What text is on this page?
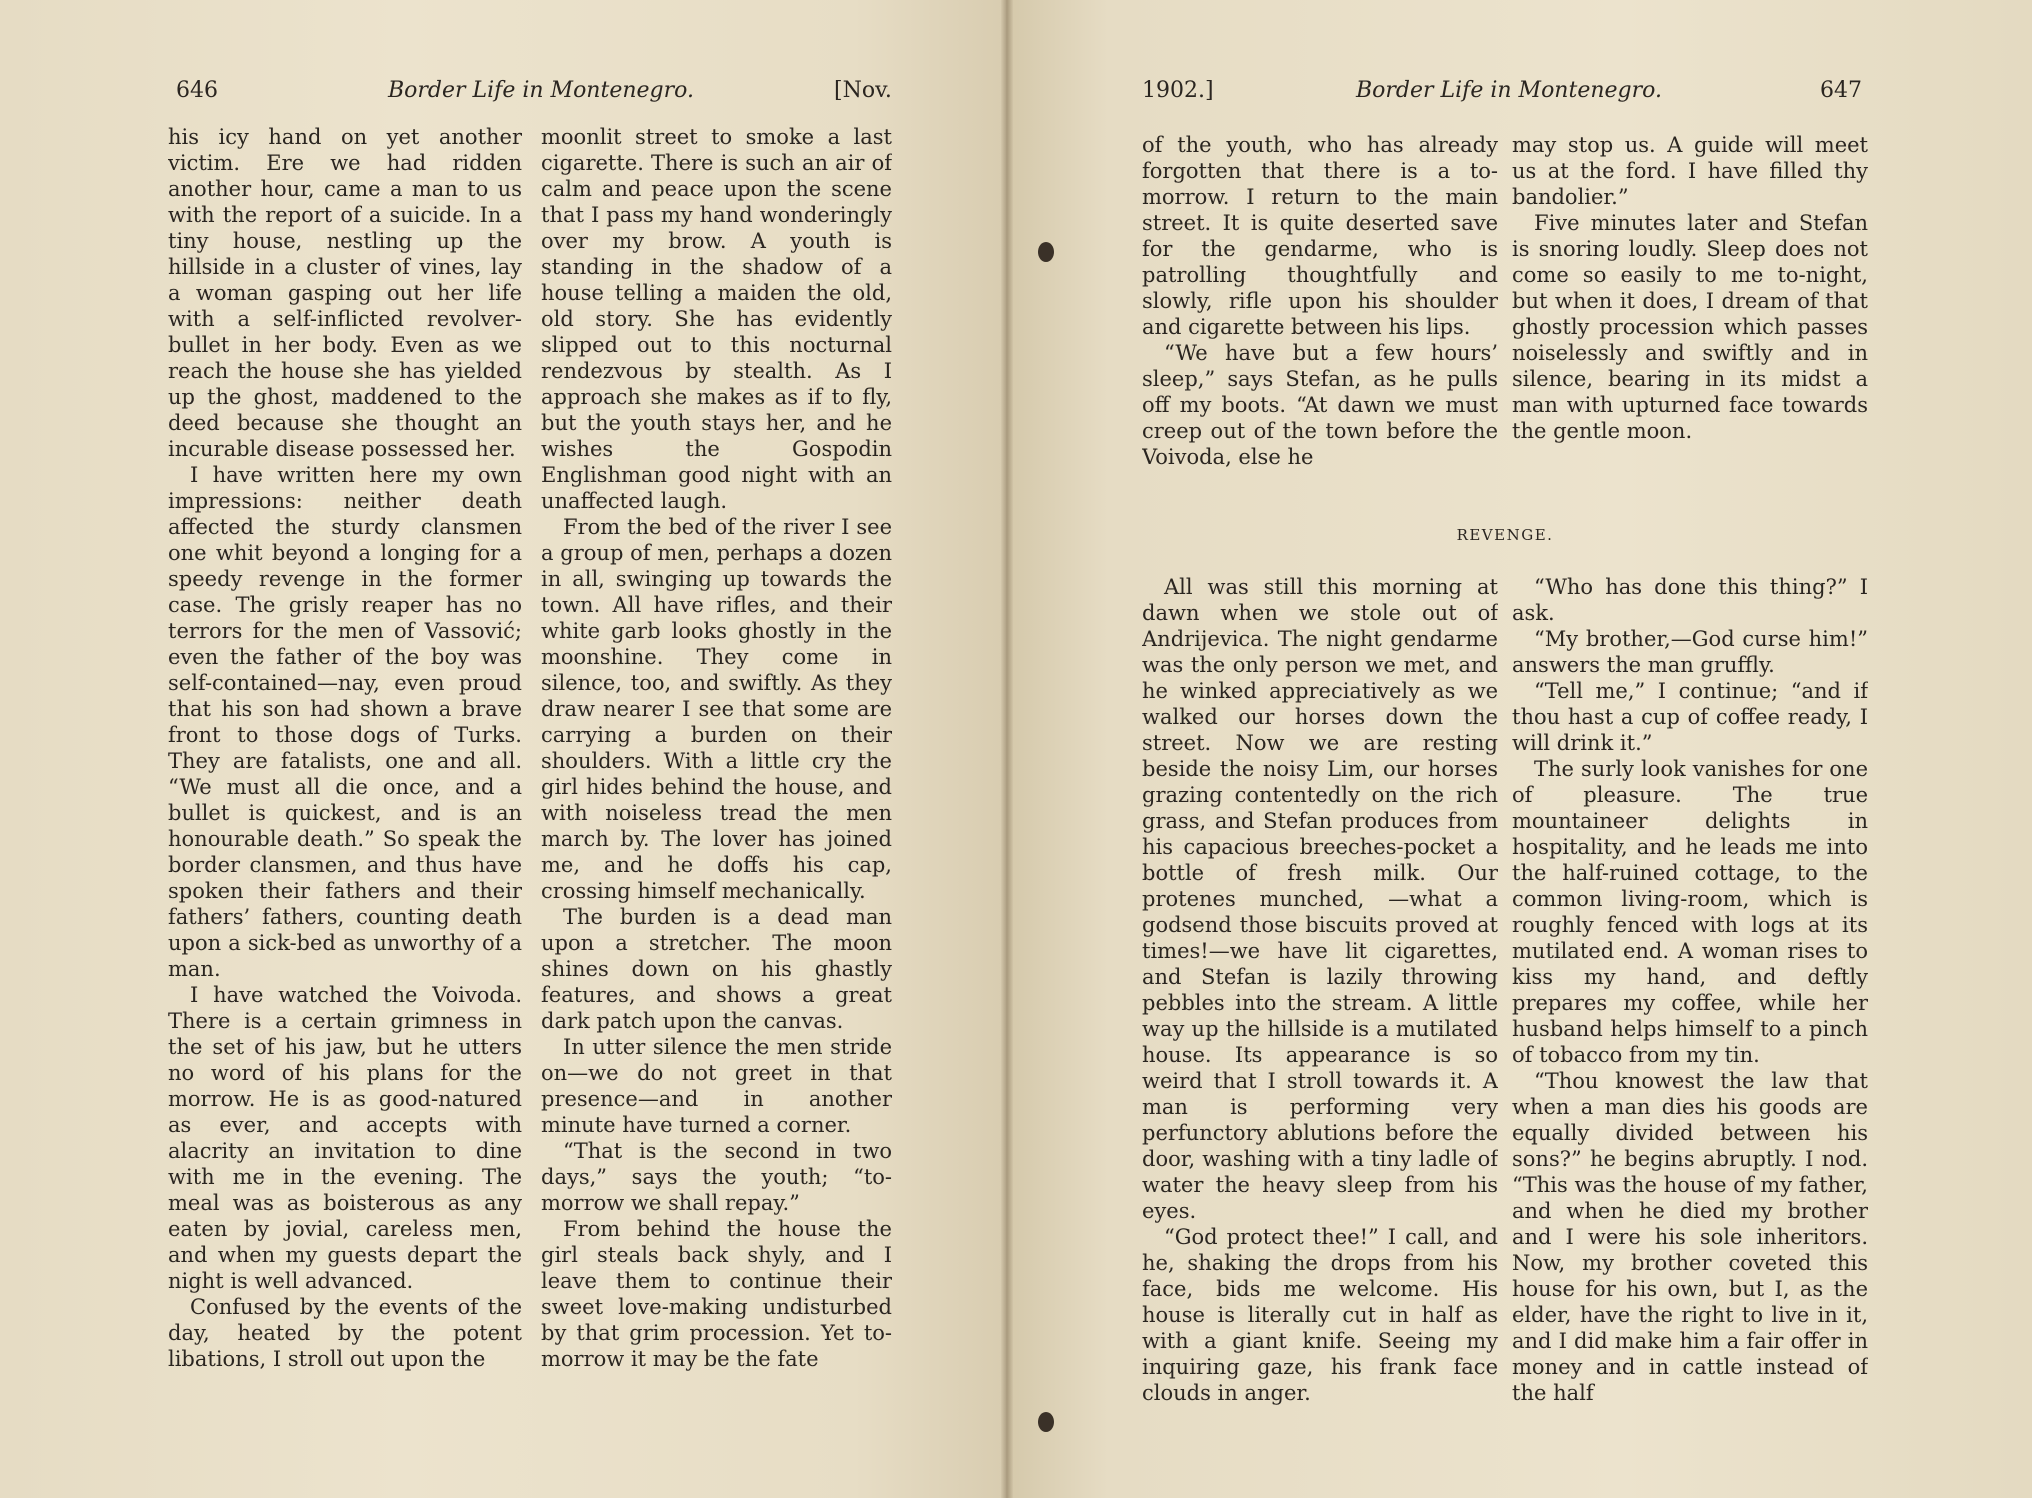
646	Border Life in Montenegro.	[Nov.

his icy hand on yet another victim. Ere we had ridden another hour, came a man to us with the report of a suicide. In a tiny house, nestling up the hillside in a cluster of vines, lay a woman gasping out her life with a self-inflicted revolver-bullet in her body. Even as we reach the house she has yielded up the ghost, maddened to the deed because she thought an incurable disease possessed her.

I have written here my own impressions: neither death affected the sturdy clansmen one whit beyond a longing for a speedy revenge in the former case. The grisly reaper has no terrors for the men of Vassović; even the father of the boy was self-contained—nay, even proud that his son had shown a brave front to those dogs of Turks. They are fatalists, one and all. “We must all die once, and a bullet is quickest, and is an honourable death.” So speak the border clansmen, and thus have spoken their fathers and their fathers’ fathers, counting death upon a sick-bed as unworthy of a man.

I have watched the Voivoda. There is a certain grimness in the set of his jaw, but he utters no word of his plans for the morrow. He is as good-natured as ever, and accepts with alacrity an invitation to dine with me in the evening. The meal was as boisterous as any eaten by jovial, careless men, and when my guests depart the night is well advanced.

Confused by the events of the day, heated by the potent libations, I stroll out upon the

moonlit street to smoke a last cigarette. There is such an air of calm and peace upon the scene that I pass my hand wonderingly over my brow. A youth is standing in the shadow of a house telling a maiden the old, old story. She has evidently slipped out to this nocturnal rendezvous by stealth. As I approach she makes as if to fly, but the youth stays her, and he wishes the Gospodin Englishman good night with an unaffected laugh.

From the bed of the river I see a group of men, perhaps a dozen in all, swinging up towards the town. All have rifles, and their white garb looks ghostly in the moonshine. They come in silence, too, and swiftly. As they draw nearer I see that some are carrying a burden on their shoulders. With a little cry the girl hides behind the house, and with noiseless tread the men march by. The lover has joined me, and he doffs his cap, crossing himself mechanically.

The burden is a dead man upon a stretcher. The moon shines down on his ghastly features, and shows a great dark patch upon the canvas.

In utter silence the men stride on—we do not greet in that presence—and in another minute have turned a corner.

“That is the second in two days,” says the youth; “to-morrow we shall repay.”

From behind the house the girl steals back shyly, and I leave them to continue their sweet love-making undisturbed by that grim procession. Yet to-morrow it may be the fate

1902.]	Border Life in Montenegro.	647

of the youth, who has already forgotten that there is a to-morrow. I return to the main street. It is quite deserted save for the gendarme, who is patrolling thoughtfully and slowly, rifle upon his shoulder and cigarette between his lips.

“We have but a few hours’ sleep,” says Stefan, as he pulls off my boots. “At dawn we must creep out of the town before the Voivoda, else he

may stop us. A guide will meet us at the ford. I have filled thy bandolier.”

Five minutes later and Stefan is snoring loudly. Sleep does not come so easily to me to-night, but when it does, I dream of that ghostly procession which passes noiselessly and swiftly and in silence, bearing in its midst a man with upturned face towards the gentle moon.

REVENGE.

All was still this morning at dawn when we stole out of Andrijevica. The night gendarme was the only person we met, and he winked appreciatively as we walked our horses down the street. Now we are resting beside the noisy Lim, our horses grazing contentedly on the rich grass, and Stefan produces from his capacious breeches-pocket a bottle of fresh milk. Our protenes munched, —what a godsend those biscuits proved at times!—we have lit cigarettes, and Stefan is lazily throwing pebbles into the stream. A little way up the hillside is a mutilated house. Its appearance is so weird that I stroll towards it. A man is performing very perfunctory ablutions before the door, washing with a tiny ladle of water the heavy sleep from his eyes.

“God protect thee!” I call, and he, shaking the drops from his face, bids me welcome. His house is literally cut in half as with a giant knife. Seeing my inquiring gaze, his frank face clouds in anger.

“Who has done this thing?” I ask.

“My brother,—God curse him!” answers the man gruffly.

“Tell me,” I continue; “and if thou hast a cup of coffee ready, I will drink it.”

The surly look vanishes for one of pleasure. The true mountaineer delights in hospitality, and he leads me into the half-ruined cottage, to the common living-room, which is roughly fenced with logs at its mutilated end. A woman rises to kiss my hand, and deftly prepares my coffee, while her husband helps himself to a pinch of tobacco from my tin.

“Thou knowest the law that when a man dies his goods are equally divided between his sons?” he begins abruptly. I nod. “This was the house of my father, and when he died my brother and I were his sole inheritors. Now, my brother coveted this house for his own, but I, as the elder, have the right to live in it, and I did make him a fair offer in money and in cattle instead of the half
